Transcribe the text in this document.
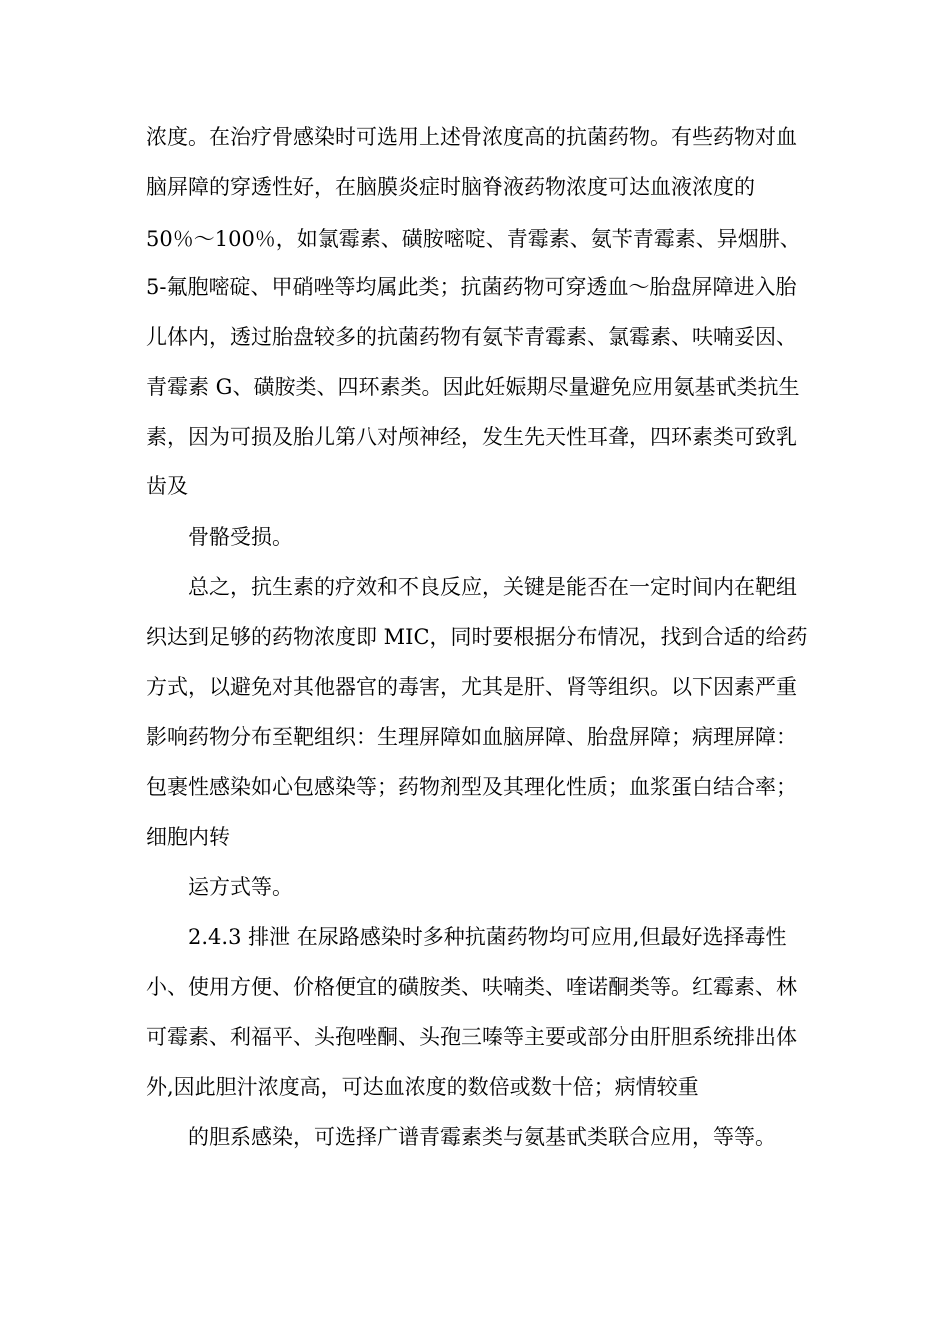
浓度。在治疗骨感染时可选用上述骨浓度高的抗菌药物。有些药物对血
脑屏障的穿透性好，在脑膜炎症时脑脊液药物浓度可达血液浓度的
50％～100％，如氯霉素、磺胺嘧啶、青霉素、氨苄青霉素、异烟肼、
5-氟胞嘧碇、甲硝唑等均属此类；抗菌药物可穿透血～胎盘屏障进入胎
儿体内，透过胎盘较多的抗菌药物有氨苄青霉素、氯霉素、呋喃妥因、
青霉素 G、磺胺类、四环素类。因此妊娠期尽量避免应用氨基甙类抗生
素，因为可损及胎儿第八对颅神经，发生先天性耳聋，四环素类可致乳
齿及
骨骼受损。
总之，抗生素的疗效和不良反应，关键是能否在一定时间内在靶组
织达到足够的药物浓度即 MIC，同时要根据分布情况，找到合适的给药
方式，以避免对其他器官的毒害，尤其是肝、肾等组织。以下因素严重
影响药物分布至靶组织：生理屏障如血脑屏障、胎盘屏障；病理屏障：
包裹性感染如心包感染等；药物剂型及其理化性质；血浆蛋白结合率；
细胞内转
运方式等。
2.4.3 排泄 在尿路感染时多种抗菌药物均可应用,但最好选择毒性
小、使用方便、价格便宜的磺胺类、呋喃类、喹诺酮类等。红霉素、林
可霉素、利福平、头孢唑酮、头孢三嗪等主要或部分由肝胆系统排出体
外,因此胆汁浓度高，可达血浓度的数倍或数十倍；病情较重
的胆系感染，可选择广谱青霉素类与氨基甙类联合应用，等等。
